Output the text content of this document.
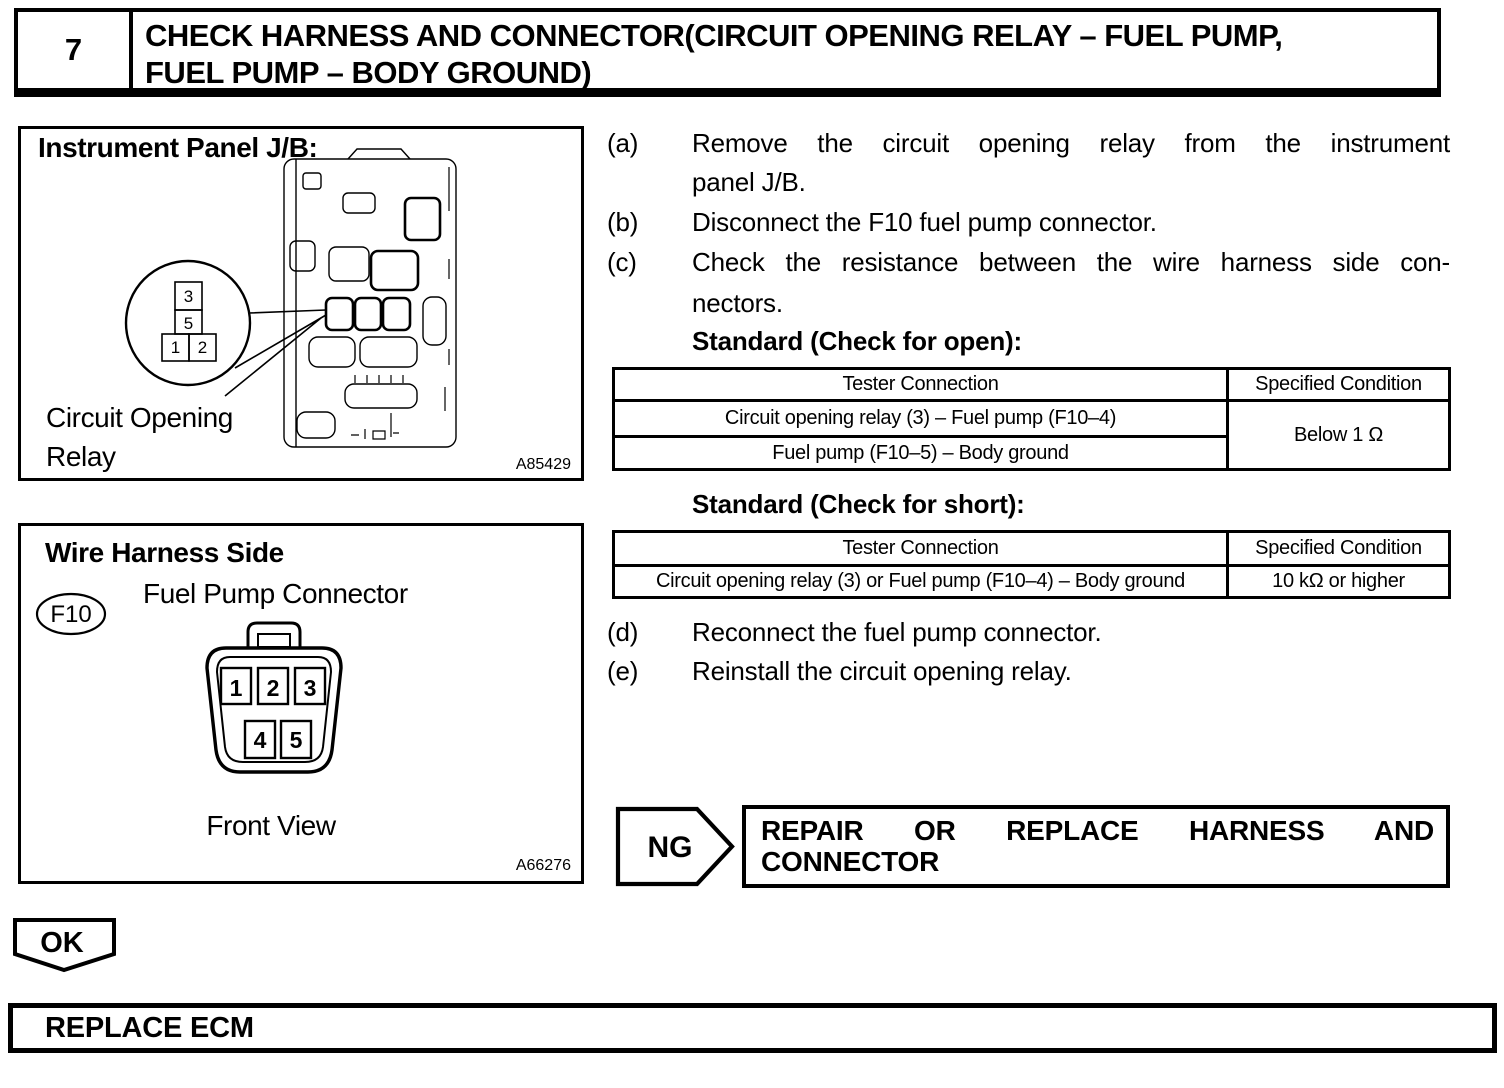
7	CHECK HARNESS AND CONNECTOR(CIRCUIT OPENING RELAY – FUEL PUMP,
FUEL PUMP – BODY GROUND)
3
5
1 2
Instrument Panel J/B:
Circuit Opening
Relay	A85429
F10
1 2 3
4 5
Wire Harness Side
Fuel Pump Connector
Front View
A66276
(a) Remove the circuit opening relay from the instrument
panel J/B.
(b) Disconnect the F10 fuel pump connector.
(c) Check the resistance between the wire harness side con-
nectors.
Standard (Check for open):
Tester Connection	Specified Condition
Circuit opening relay (3) – Fuel pump (F10–4)	Below 1 Ω
Fuel pump (F10–5) – Body ground	
Standard (Check for short):
Tester Connection	Specified Condition
Circuit opening relay (3) or Fuel pump (F10–4) – Body ground	10 kΩ or higher
(d) Reconnect the fuel pump connector.
(e) Reinstall the circuit opening relay.
NG
REPAIR OR REPLACE HARNESS AND
CONNECTOR
OK
REPLACE ECM
